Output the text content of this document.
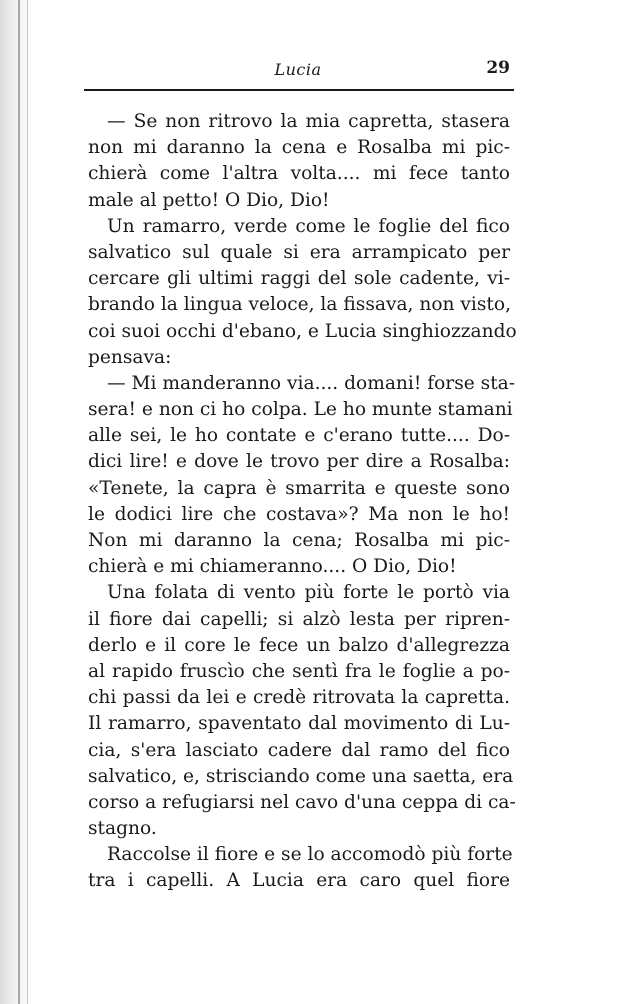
Lucia	29
— Se non ritrovo la mia capretta, stasera
non mi daranno la cena e Rosalba mi pic-
chierà come l'altra volta.... mi fece tanto
male al petto! O Dio, Dio!
Un ramarro, verde come le foglie del fico
salvatico sul quale si era arrampicato per
cercare gli ultimi raggi del sole cadente, vi-
brando la lingua veloce, la fissava, non visto,
coi suoi occhi d'ebano, e Lucia singhiozzando
pensava:
— Mi manderanno via.... domani! forse sta-
sera! e non ci ho colpa. Le ho munte stamani
alle sei, le ho contate e c'erano tutte.... Do-
dici lire! e dove le trovo per dire a Rosalba:
«Tenete, la capra è smarrita e queste sono
le dodici lire che costava»? Ma non le ho!
Non mi daranno la cena; Rosalba mi pic-
chierà e mi chiameranno.... O Dio, Dio!
Una folata di vento più forte le portò via
il fiore dai capelli; si alzò lesta per ripren-
derlo e il core le fece un balzo d'allegrezza
al rapido fruscìo che sentì fra le foglie a po-
chi passi da lei e credè ritrovata la capretta.
Il ramarro, spaventato dal movimento di Lu-
cia, s'era lasciato cadere dal ramo del fico
salvatico, e, strisciando come una saetta, era
corso a refugiarsi nel cavo d'una ceppa di ca-
stagno.
Raccolse il fiore e se lo accomodò più forte
tra i capelli. A Lucia era caro quel fiore
